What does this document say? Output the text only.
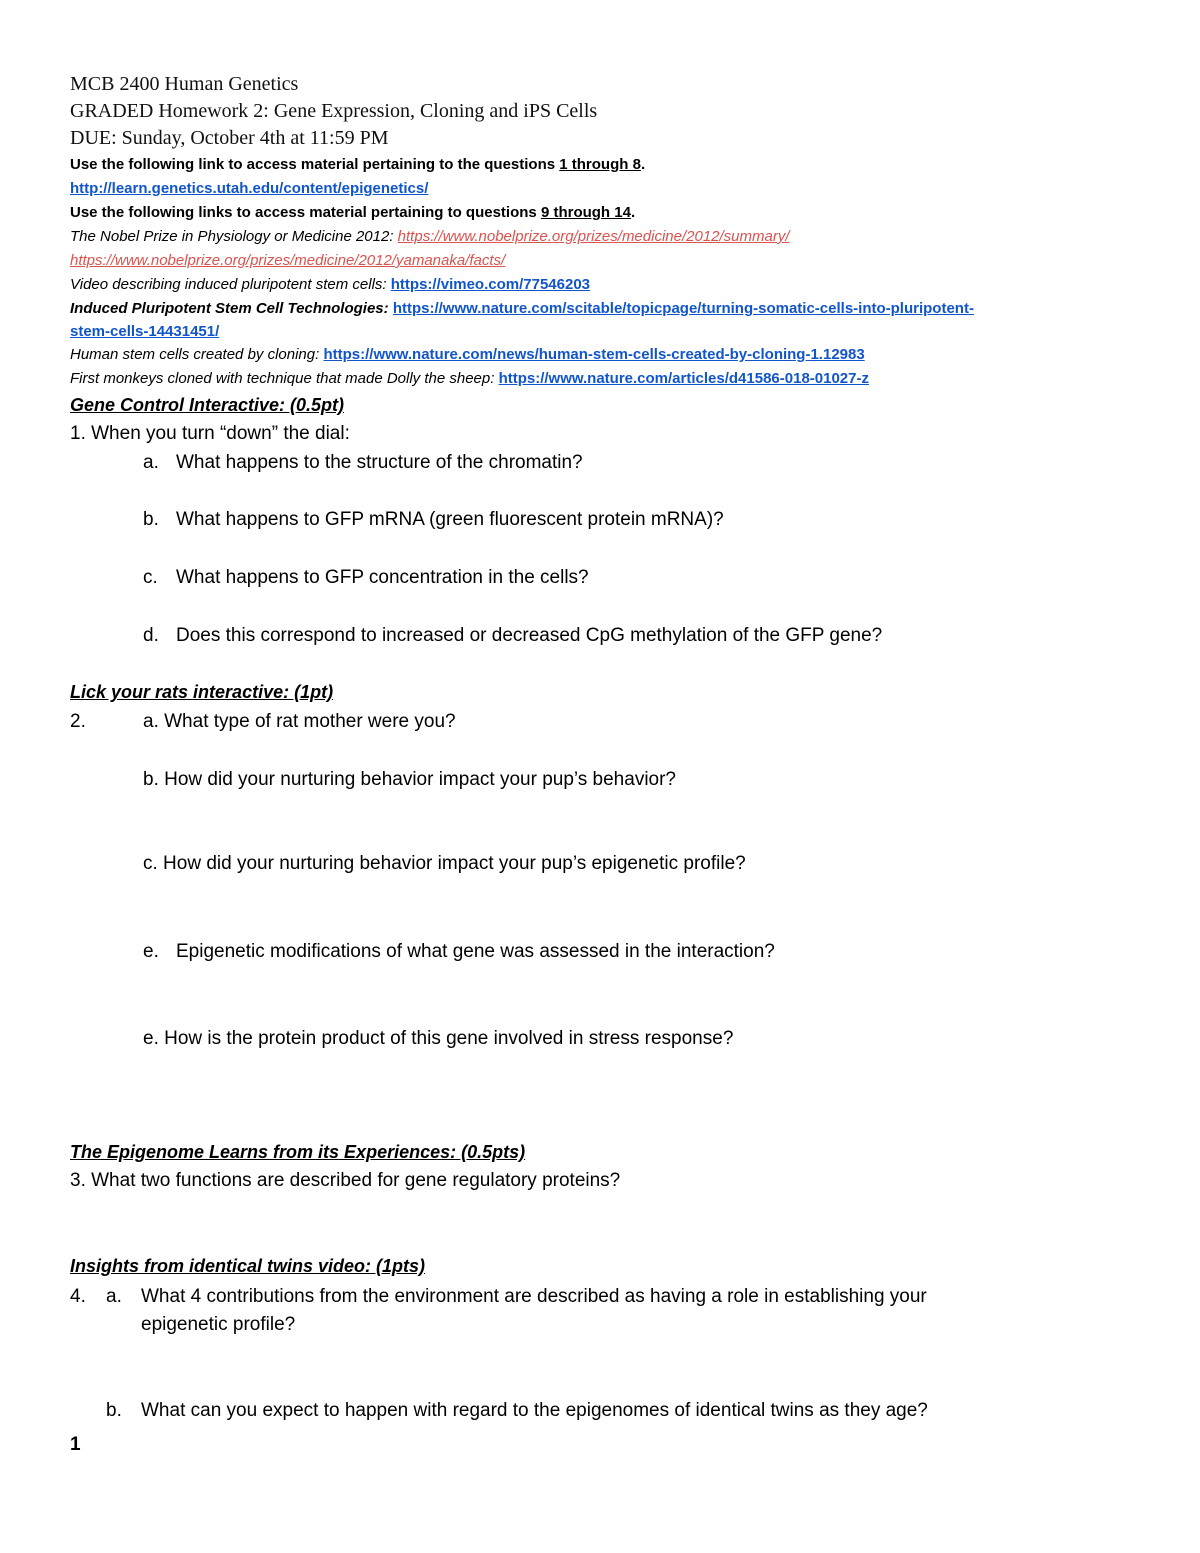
MCB 2400 Human Genetics
GRADED Homework 2: Gene Expression, Cloning and iPS Cells
DUE: Sunday, October 4th at 11:59 PM
Use the following link to access material pertaining to the questions 1 through 8.
http://learn.genetics.utah.edu/content/epigenetics/
Use the following links to access material pertaining to questions 9 through 14.
The Nobel Prize in Physiology or Medicine 2012: https://www.nobelprize.org/prizes/medicine/2012/summary/
https://www.nobelprize.org/prizes/medicine/2012/yamanaka/facts/
Video describing induced pluripotent stem cells: https://vimeo.com/77546203
Induced Pluripotent Stem Cell Technologies: https://www.nature.com/scitable/topicpage/turning-somatic-cells-into-pluripotent-
stem-cells-14431451/
Human stem cells created by cloning: https://www.nature.com/news/human-stem-cells-created-by-cloning-1.12983
First monkeys cloned with technique that made Dolly the sheep: https://www.nature.com/articles/d41586-018-01027-z
Gene Control Interactive: (0.5pt)
1. When you turn “down” the dial:
a. What happens to the structure of the chromatin?
b. What happens to GFP mRNA (green fluorescent protein mRNA)?
c. What happens to GFP concentration in the cells?
d. Does this correspond to increased or decreased CpG methylation of the GFP gene?
Lick your rats interactive: (1pt)
2.	a. What type of rat mother were you?
b. How did your nurturing behavior impact your pup’s behavior?
c. How did your nurturing behavior impact your pup’s epigenetic profile?
e. Epigenetic modifications of what gene was assessed in the interaction?
e. How is the protein product of this gene involved in stress response?
The Epigenome Learns from its Experiences: (0.5pts)
3. What two functions are described for gene regulatory proteins?
Insights from identical twins video: (1pts)
4. a. What 4 contributions from the environment are described as having a role in establishing your
epigenetic profile?
b. What can you expect to happen with regard to the epigenomes of identical twins as they age?
1
